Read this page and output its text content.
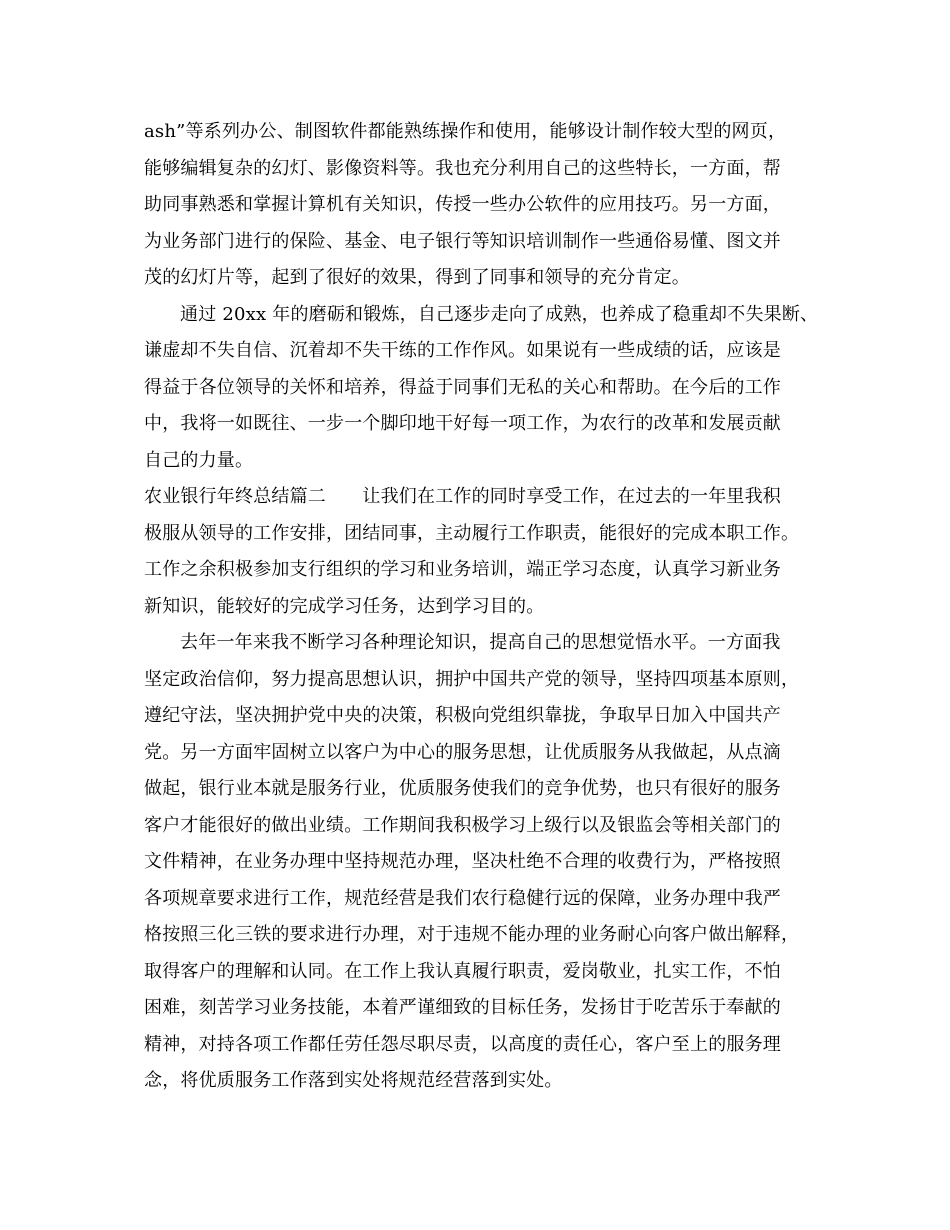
ash”等系列办公、制图软件都能熟练操作和使用，能够设计制作较大型的网页，
能够编辑复杂的幻灯、影像资料等。我也充分利用自己的这些特长，一方面，帮
助同事熟悉和掌握计算机有关知识，传授一些办公软件的应用技巧。另一方面，
为业务部门进行的保险、基金、电子银行等知识培训制作一些通俗易懂、图文并
茂的幻灯片等，起到了很好的效果，得到了同事和领导的充分肯定。
通过 20xx 年的磨砺和锻炼，自己逐步走向了成熟，也养成了稳重却不失果断、
谦虚却不失自信、沉着却不失干练的工作作风。如果说有一些成绩的话，应该是
得益于各位领导的关怀和培养，得益于同事们无私的关心和帮助。在今后的工作
中，我将一如既往、一步一个脚印地干好每一项工作，为农行的改革和发展贡献
自己的力量。
农业银行年终总结篇二　　让我们在工作的同时享受工作，在过去的一年里我积
极服从领导的工作安排，团结同事，主动履行工作职责，能很好的完成本职工作。
工作之余积极参加支行组织的学习和业务培训，端正学习态度，认真学习新业务
新知识，能较好的完成学习任务，达到学习目的。
去年一年来我不断学习各种理论知识，提高自己的思想觉悟水平。一方面我
坚定政治信仰，努力提高思想认识，拥护中国共产党的领导，坚持四项基本原则，
遵纪守法，坚决拥护党中央的决策，积极向党组织靠拢，争取早日加入中国共产
党。另一方面牢固树立以客户为中心的服务思想，让优质服务从我做起，从点滴
做起，银行业本就是服务行业，优质服务使我们的竞争优势，也只有很好的服务
客户才能很好的做出业绩。工作期间我积极学习上级行以及银监会等相关部门的
文件精神，在业务办理中坚持规范办理，坚决杜绝不合理的收费行为，严格按照
各项规章要求进行工作，规范经营是我们农行稳健行远的保障，业务办理中我严
格按照三化三铁的要求进行办理，对于违规不能办理的业务耐心向客户做出解释，
取得客户的理解和认同。在工作上我认真履行职责，爱岗敬业，扎实工作，不怕
困难，刻苦学习业务技能，本着严谨细致的目标任务，发扬甘于吃苦乐于奉献的
精神，对持各项工作都任劳任怨尽职尽责，以高度的责任心，客户至上的服务理
念，将优质服务工作落到实处将规范经营落到实处。
